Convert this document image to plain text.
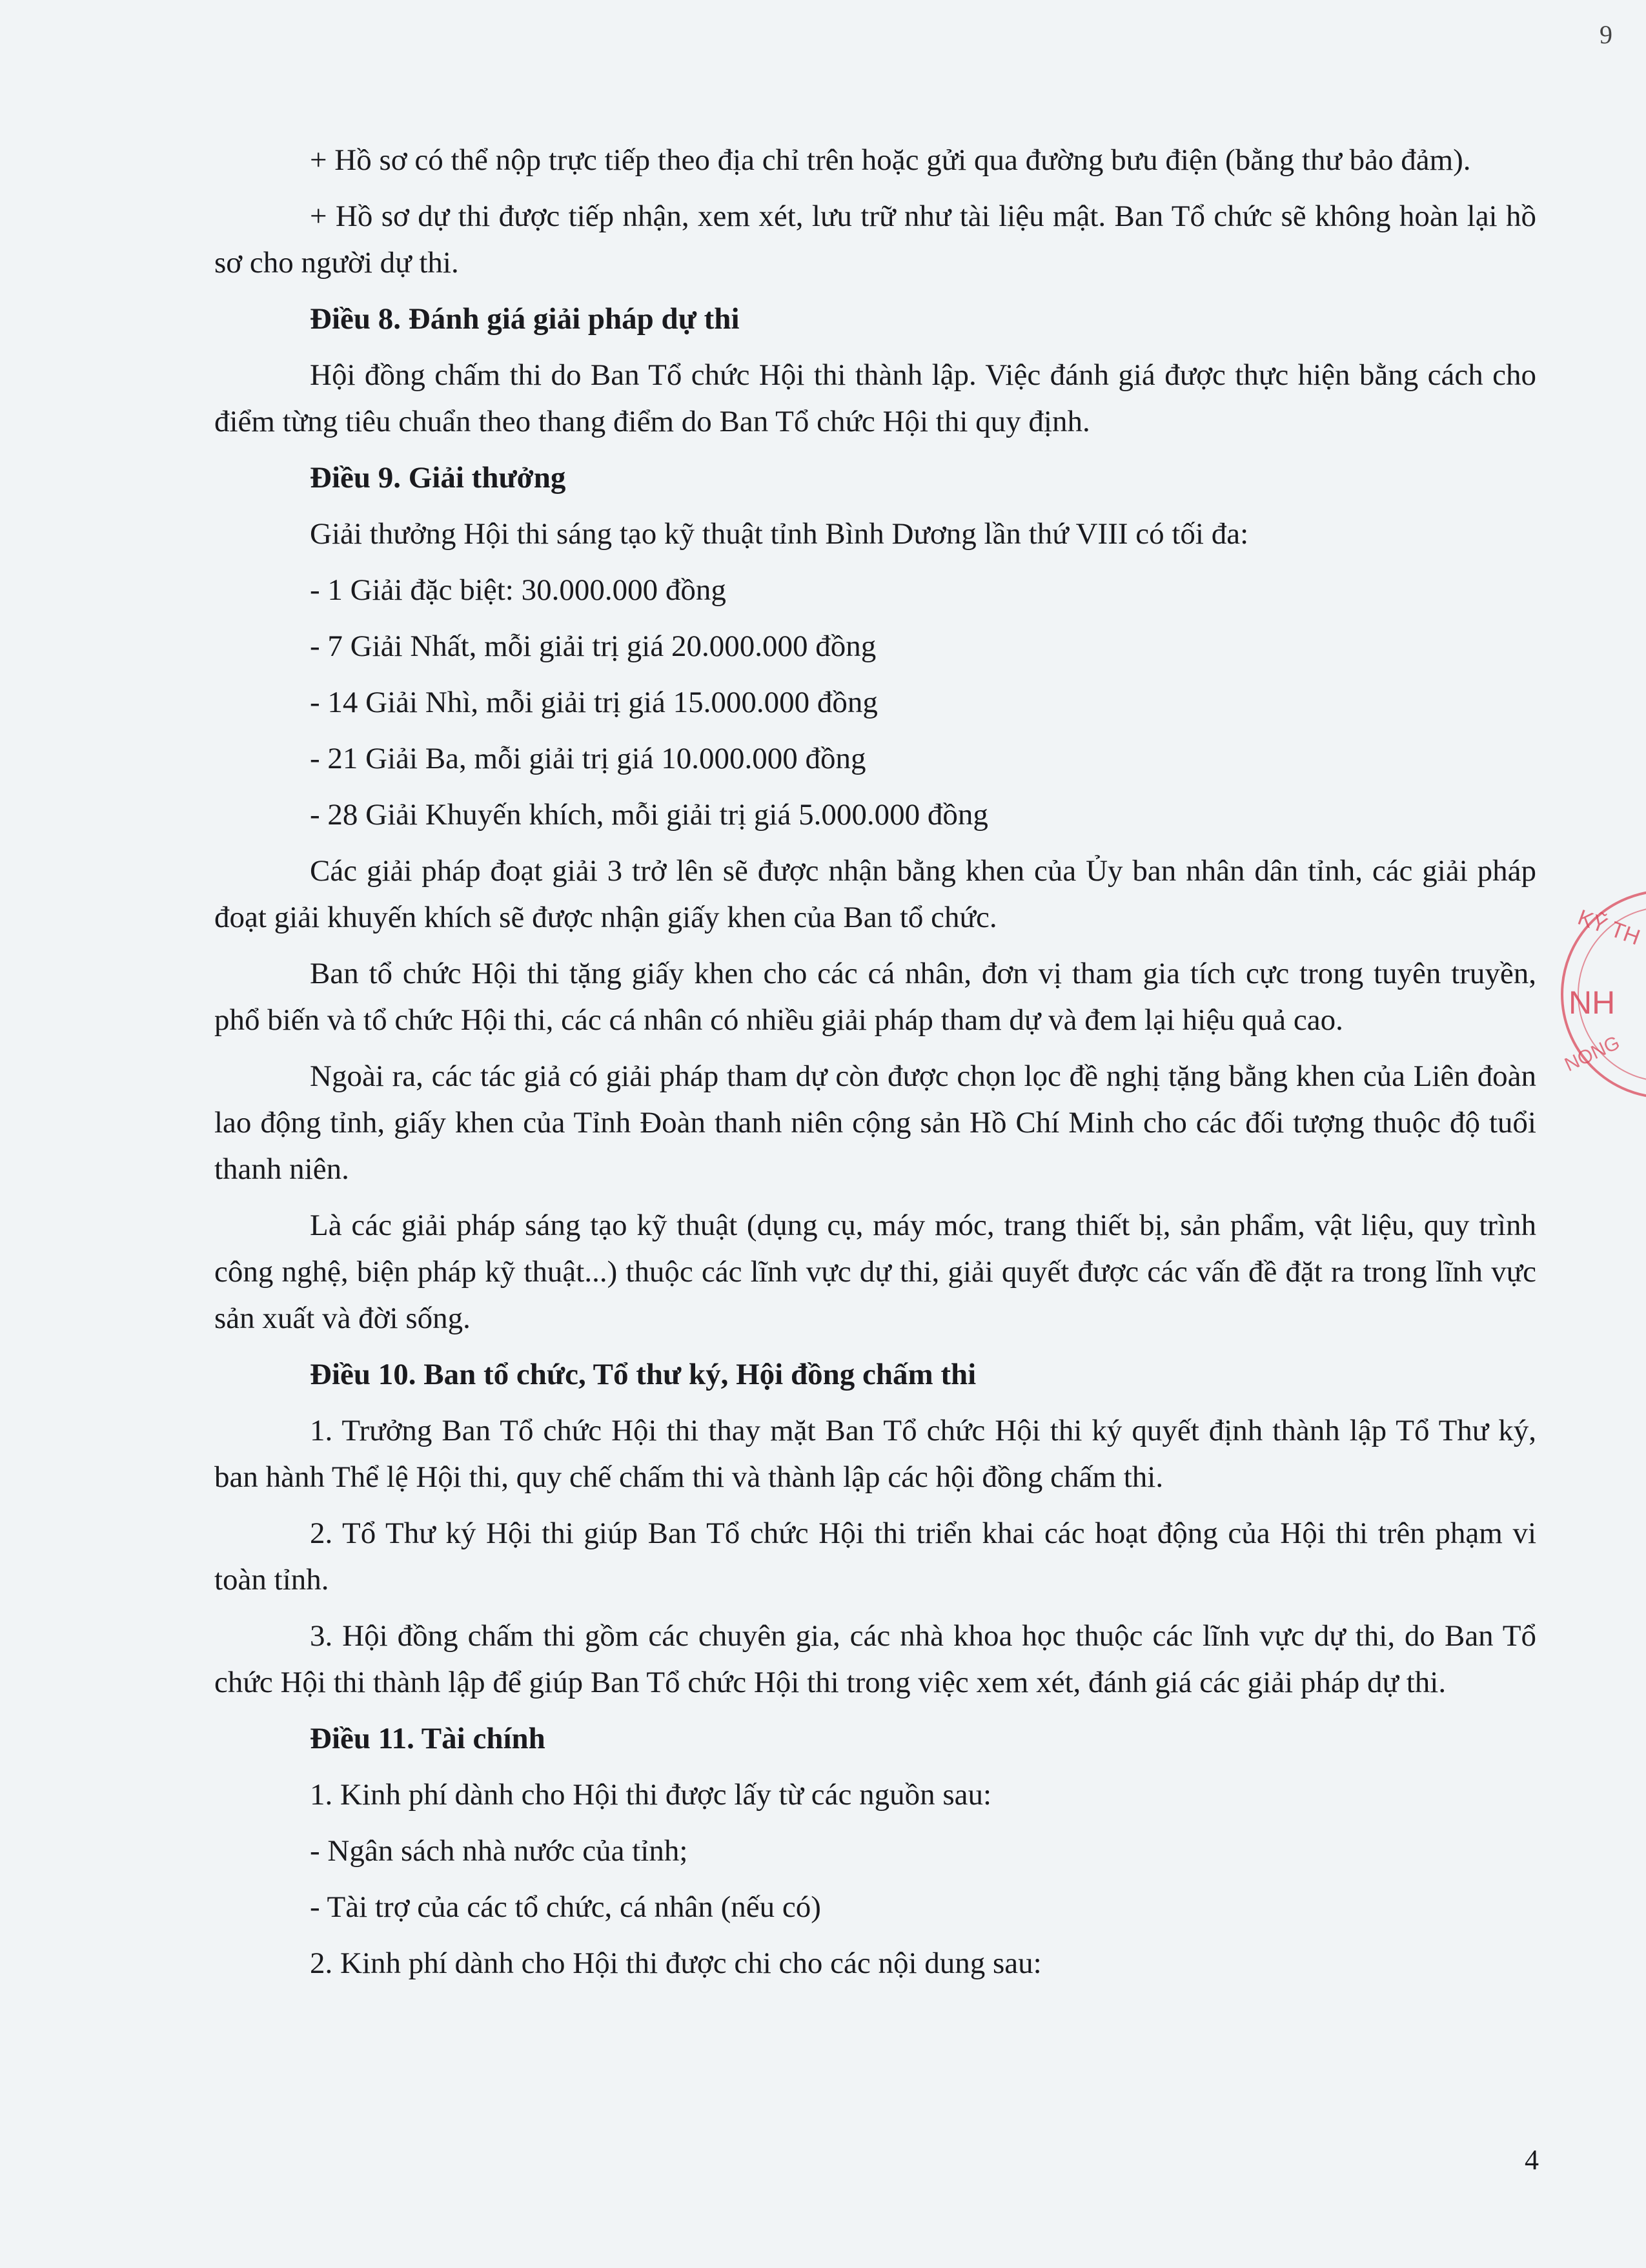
9
+ Hồ sơ có thể nộp trực tiếp theo địa chỉ trên hoặc gửi qua đường bưu điện (bằng thư bảo đảm).
+ Hồ sơ dự thi được tiếp nhận, xem xét, lưu trữ như tài liệu mật. Ban Tổ chức sẽ không hoàn lại hồ sơ cho người dự thi.
Điều 8. Đánh giá giải pháp dự thi
Hội đồng chấm thi do Ban Tổ chức Hội thi thành lập. Việc đánh giá được thực hiện bằng cách cho điểm từng tiêu chuẩn theo thang điểm do Ban Tổ chức Hội thi quy định.
Điều 9. Giải thưởng
Giải thưởng Hội thi sáng tạo kỹ thuật tỉnh Bình Dương lần thứ VIII có tối đa:
- 1 Giải đặc biệt: 30.000.000 đồng
- 7 Giải Nhất, mỗi giải trị giá 20.000.000 đồng
- 14 Giải Nhì, mỗi giải trị giá 15.000.000 đồng
- 21 Giải Ba, mỗi giải trị giá 10.000.000 đồng
- 28 Giải Khuyến khích, mỗi giải trị giá 5.000.000 đồng
Các giải pháp đoạt giải 3 trở lên sẽ được nhận bằng khen của Ủy ban nhân dân tỉnh, các giải pháp đoạt giải khuyến khích sẽ được nhận giấy khen của Ban tổ chức.
Ban tổ chức Hội thi tặng giấy khen cho các cá nhân, đơn vị tham gia tích cực trong tuyên truyền, phổ biến và tổ chức Hội thi, các cá nhân có nhiều giải pháp tham dự và đem lại hiệu quả cao.
Ngoài ra, các tác giả có giải pháp tham dự còn được chọn lọc đề nghị tặng bằng khen của Liên đoàn lao động tỉnh, giấy khen của Tỉnh Đoàn thanh niên cộng sản Hồ Chí Minh cho các đối tượng thuộc độ tuổi thanh niên.
Là các giải pháp sáng tạo kỹ thuật (dụng cụ, máy móc, trang thiết bị, sản phẩm, vật liệu, quy trình công nghệ, biện pháp kỹ thuật...) thuộc các lĩnh vực dự thi, giải quyết được các vấn đề đặt ra trong lĩnh vực sản xuất và đời sống.
Điều 10. Ban tổ chức, Tổ thư ký, Hội đồng chấm thi
1. Trưởng Ban Tổ chức Hội thi thay mặt Ban Tổ chức Hội thi ký quyết định thành lập Tổ Thư ký, ban hành Thể lệ Hội thi, quy chế chấm thi và thành lập các hội đồng chấm thi.
2. Tổ Thư ký Hội thi giúp Ban Tổ chức Hội thi triển khai các hoạt động của Hội thi trên phạm vi toàn tỉnh.
3. Hội đồng chấm thi gồm các chuyên gia, các nhà khoa học thuộc các lĩnh vực dự thi, do Ban Tổ chức Hội thi thành lập để giúp Ban Tổ chức Hội thi trong việc xem xét, đánh giá các giải pháp dự thi.
Điều 11. Tài chính
1. Kinh phí dành cho Hội thi được lấy từ các nguồn sau:
- Ngân sách nhà nước của tỉnh;
- Tài trợ của các tổ chức, cá nhân (nếu có)
2. Kinh phí dành cho Hội thi được chi cho các nội dung sau:
KỸ TH
NH
NONG
4
